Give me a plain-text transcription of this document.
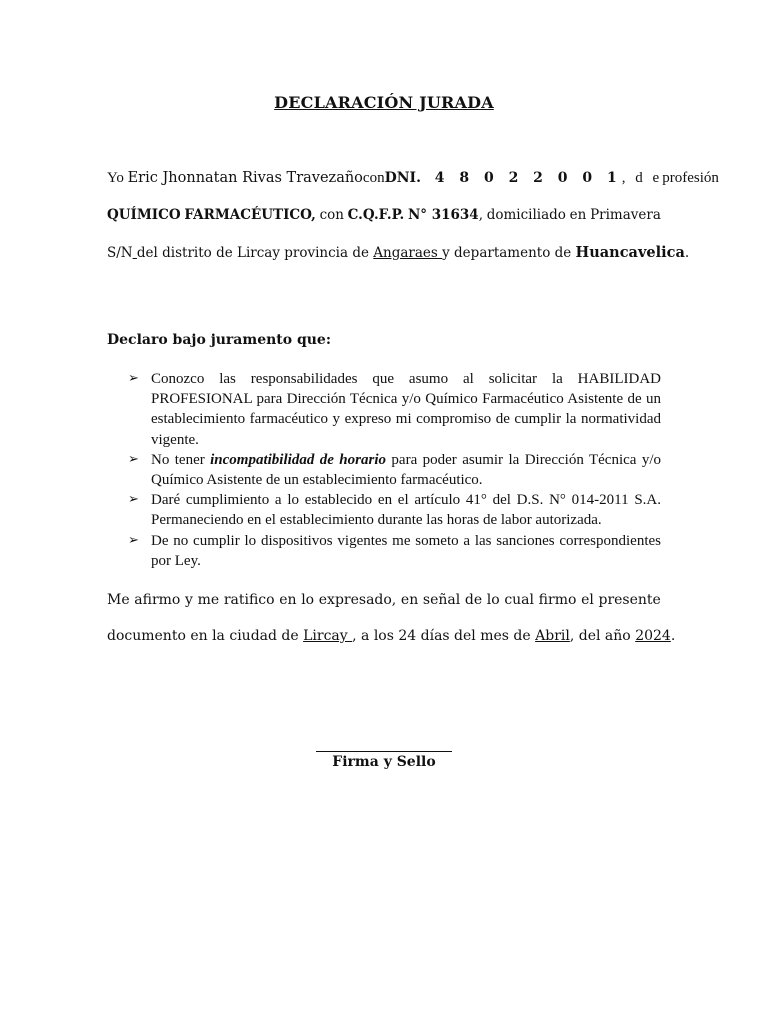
DECLARACIÓN JURADA
Yo Eric Jhonnatan Rivas Travezaño con DNI. 4 8 0 2 2 0 0 1, d e profesión
QUÍMICO FARMACÉUTICO, con C.Q.F.P. N° 31634, domiciliado en Primavera
S/N del distrito de Lircay provincia de Angaraes y departamento de Huancavelica.
Declaro bajo juramento que:
➢ Conozco las responsabilidades que asumo al solicitar la HABILIDAD PROFESIONAL para Dirección Técnica y/o Químico Farmacéutico Asistente de un establecimiento farmacéutico y expreso mi compromiso de cumplir la normatividad vigente.
➢ No tener incompatibilidad de horario para poder asumir la Dirección Técnica y/o Químico Asistente de un establecimiento farmacéutico.
➢ Daré cumplimiento a lo establecido en el artículo 41° del D.S. N° 014-2011 S.A. Permaneciendo en el establecimiento durante las horas de labor autorizada.
➢ De no cumplir lo dispositivos vigentes me someto a las sanciones correspondientes por Ley.
Me afirmo y me ratifico en lo expresado, en señal de lo cual firmo el presente
documento en la ciudad de Lircay , a los 24 días del mes de Abril, del año 2024.
Firma y Sello
